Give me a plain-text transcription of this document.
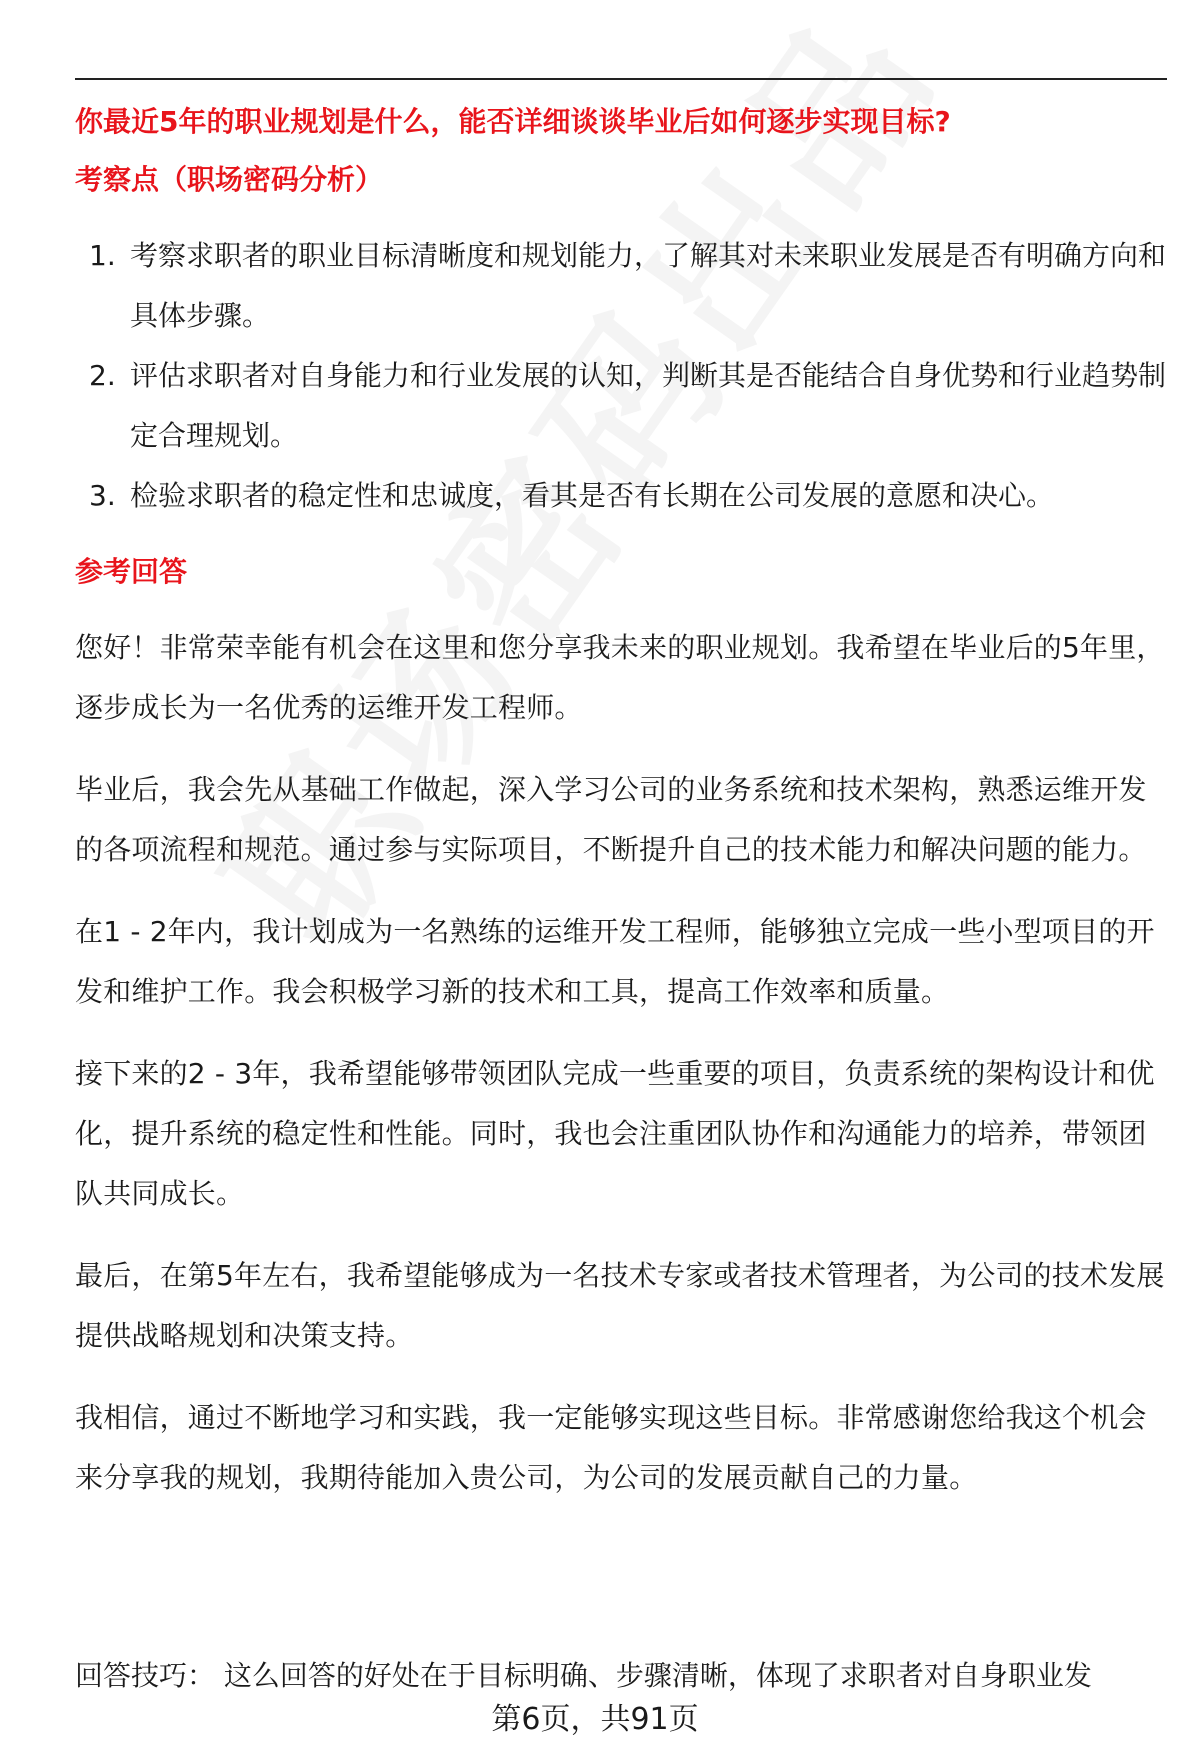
你最近5年的职业规划是什么，能否详细谈谈毕业后如何逐步实现目标?

考察点（职场密码分析）

1. 考察求职者的职业目标清晰度和规划能力，了解其对未来职业发展是否有明确方向和具体步骤。
2. 评估求职者对自身能力和行业发展的认知，判断其是否能结合自身优势和行业趋势制定合理规划。
3. 检验求职者的稳定性和忠诚度，看其是否有长期在公司发展的意愿和决心。

参考回答

您好！非常荣幸能有机会在这里和您分享我未来的职业规划。我希望在毕业后的5年里，逐步成长为一名优秀的运维开发工程师。

毕业后，我会先从基础工作做起，深入学习公司的业务系统和技术架构，熟悉运维开发的各项流程和规范。通过参与实际项目，不断提升自己的技术能力和解决问题的能力。

在1 - 2年内，我计划成为一名熟练的运维开发工程师，能够独立完成一些小型项目的开发和维护工作。我会积极学习新的技术和工具，提高工作效率和质量。

接下来的2 - 3年，我希望能够带领团队完成一些重要的项目，负责系统的架构设计和优化，提升系统的稳定性和性能。同时，我也会注重团队协作和沟通能力的培养，带领团队共同成长。

最后，在第5年左右，我希望能够成为一名技术专家或者技术管理者，为公司的技术发展提供战略规划和决策支持。

我相信，通过不断地学习和实践，我一定能够实现这些目标。非常感谢您给我这个机会来分享我的规划，我期待能加入贵公司，为公司的发展贡献自己的力量。

回答技巧： 这么回答的好处在于目标明确、步骤清晰，体现了求职者对自身职业发
第6页，共91页
